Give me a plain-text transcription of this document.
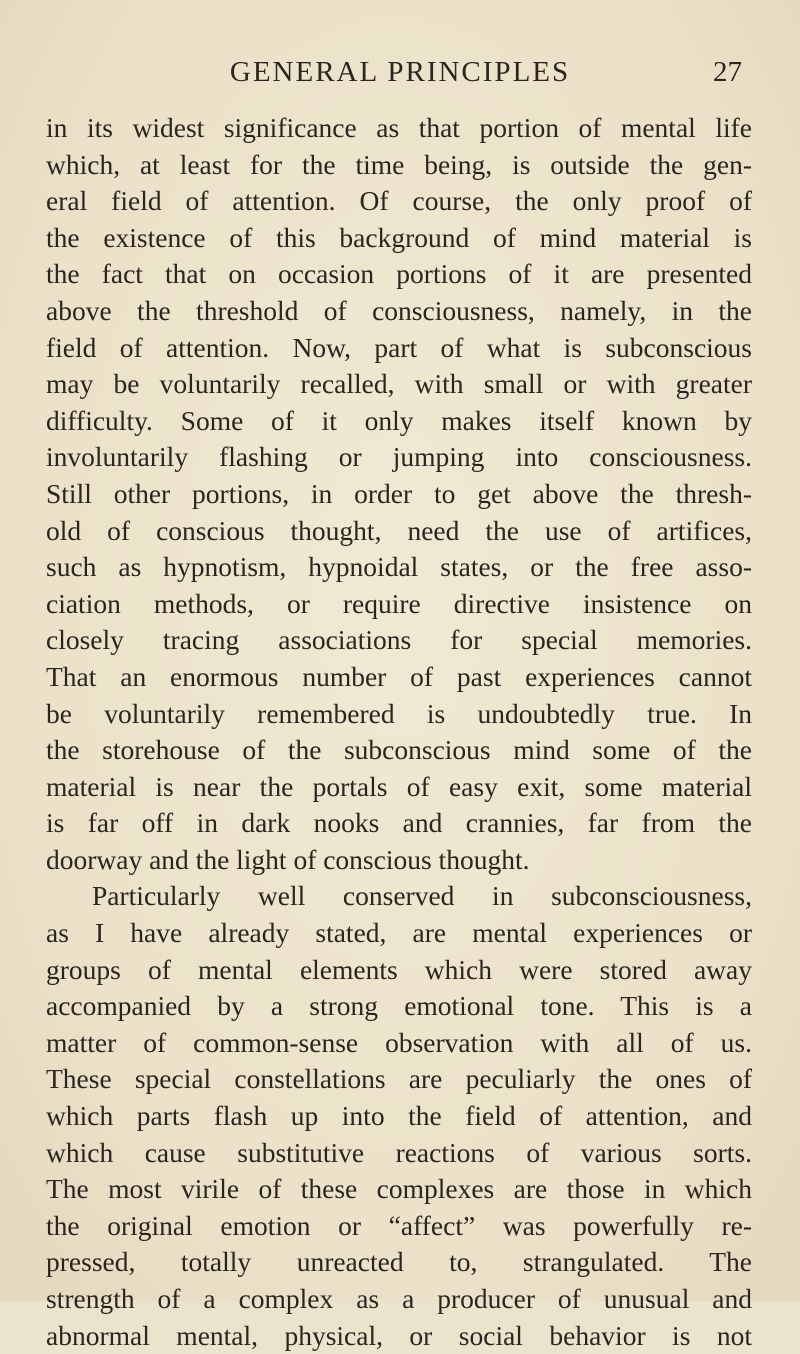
GENERAL PRINCIPLES	27
in its widest significance as that portion of mental life
which, at least for the time being, is outside the gen-
eral field of attention. Of course, the only proof of
the existence of this background of mind material is
the fact that on occasion portions of it are presented
above the threshold of consciousness, namely, in the
field of attention. Now, part of what is subconscious
may be voluntarily recalled, with small or with greater
difficulty. Some of it only makes itself known by
involuntarily flashing or jumping into consciousness.
Still other portions, in order to get above the thresh-
old of conscious thought, need the use of artifices,
such as hypnotism, hypnoidal states, or the free asso-
ciation methods, or require directive insistence on
closely tracing associations for special memories.
That an enormous number of past experiences cannot
be voluntarily remembered is undoubtedly true. In
the storehouse of the subconscious mind some of the
material is near the portals of easy exit, some material
is far off in dark nooks and crannies, far from the
doorway and the light of conscious thought.
Particularly well conserved in subconsciousness,
as I have already stated, are mental experiences or
groups of mental elements which were stored away
accompanied by a strong emotional tone. This is a
matter of common-sense observation with all of us.
These special constellations are peculiarly the ones of
which parts flash up into the field of attention, and
which cause substitutive reactions of various sorts.
The most virile of these complexes are those in which
the original emotion or “affect” was powerfully re-
pressed, totally unreacted to, strangulated. The
strength of a complex as a producer of unusual and
abnormal mental, physical, or social behavior is not
